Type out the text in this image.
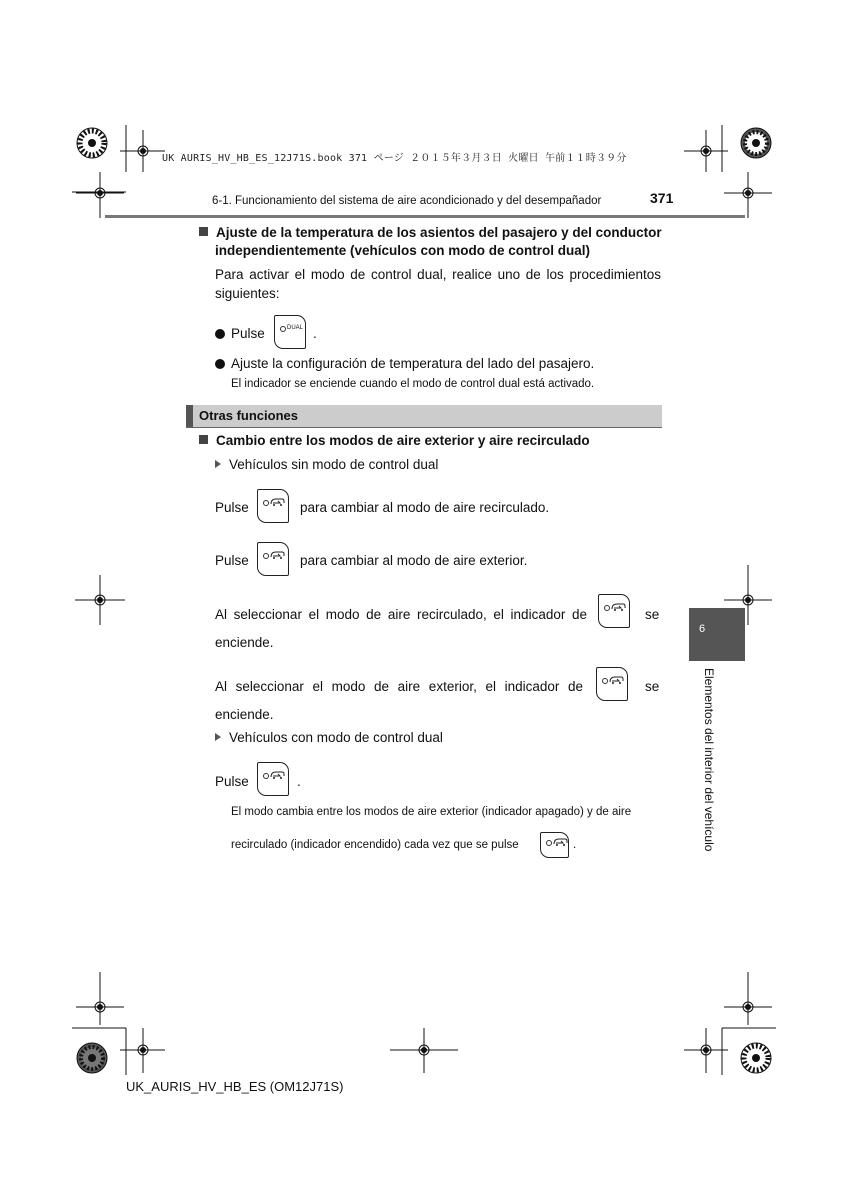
UK AURIS_HV_HB_ES_12J71S.book 371 ページ ２０１５年３月３日 火曜日 午前１１時３９分
6-1. Funcionamiento del sistema de aire acondicionado y del desempañador	371
Ajuste de la temperatura de los asientos del pasajero y del conductor
independientemente (vehículos con modo de control dual)
Para activar el modo de control dual, realice uno de los procedimientos
siguientes:
Pulse	DUAL .
Ajuste la configuración de temperatura del lado del pasajero.
El indicador se enciende cuando el modo de control dual está activado.
Otras funciones
Cambio entre los modos de aire exterior y aire recirculado
Vehículos sin modo de control dual
Pulse	para cambiar al modo de aire recirculado.
Pulse	para cambiar al modo de aire exterior.
Al seleccionar el modo de aire recirculado, el indicador de	se
enciende.
Al seleccionar el modo de aire exterior, el indicador de	se
enciende.
Vehículos con modo de control dual
Pulse	.
El modo cambia entre los modos de aire exterior (indicador apagado) y de aire
recirculado (indicador encendido) cada vez que se pulse	.
6
Elementos del interior del vehículo
UK_AURIS_HV_HB_ES (OM12J71S)
